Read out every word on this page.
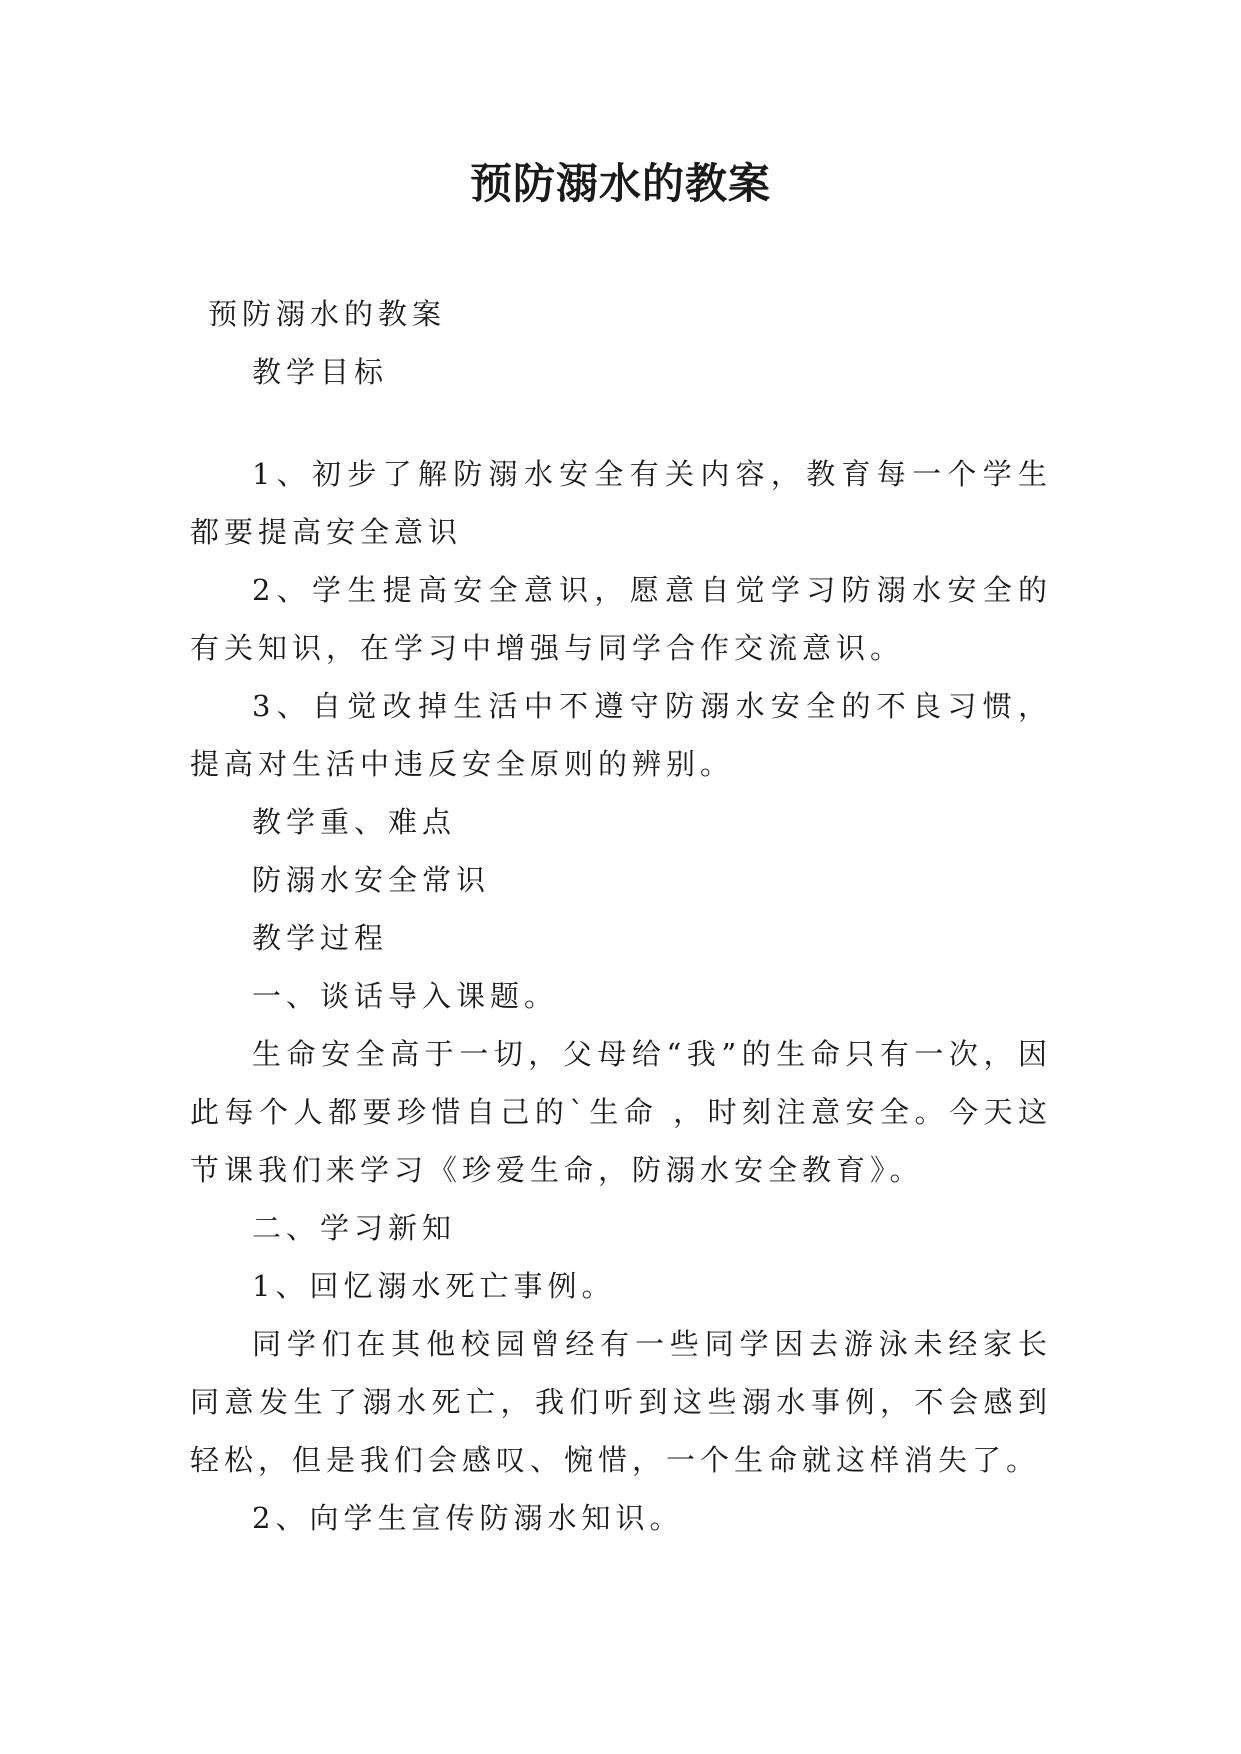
预防溺水的教案

预防溺水的教案

教学目标

1、初步了解防溺水安全有关内容，教育每一个学生都要提高安全意识

2、学生提高安全意识，愿意自觉学习防溺水安全的有关知识，在学习中增强与同学合作交流意识。

3、自觉改掉生活中不遵守防溺水安全的不良习惯，提高对生活中违反安全原则的辨别。

教学重、难点

防溺水安全常识

教学过程

一、谈话导入课题。

生命安全高于一切，父母给“我”的生命只有一次，因此每个人都要珍惜自己的`生命 ，时刻注意安全。今天这节课我们来学习《珍爱生命，防溺水安全教育》。

二、学习新知

1、回忆溺水死亡事例。

同学们在其他校园曾经有一些同学因去游泳未经家长同意发生了溺水死亡，我们听到这些溺水事例，不会感到轻松，但是我们会感叹、惋惜，一个生命就这样消失了。

2、向学生宣传防溺水知识。
